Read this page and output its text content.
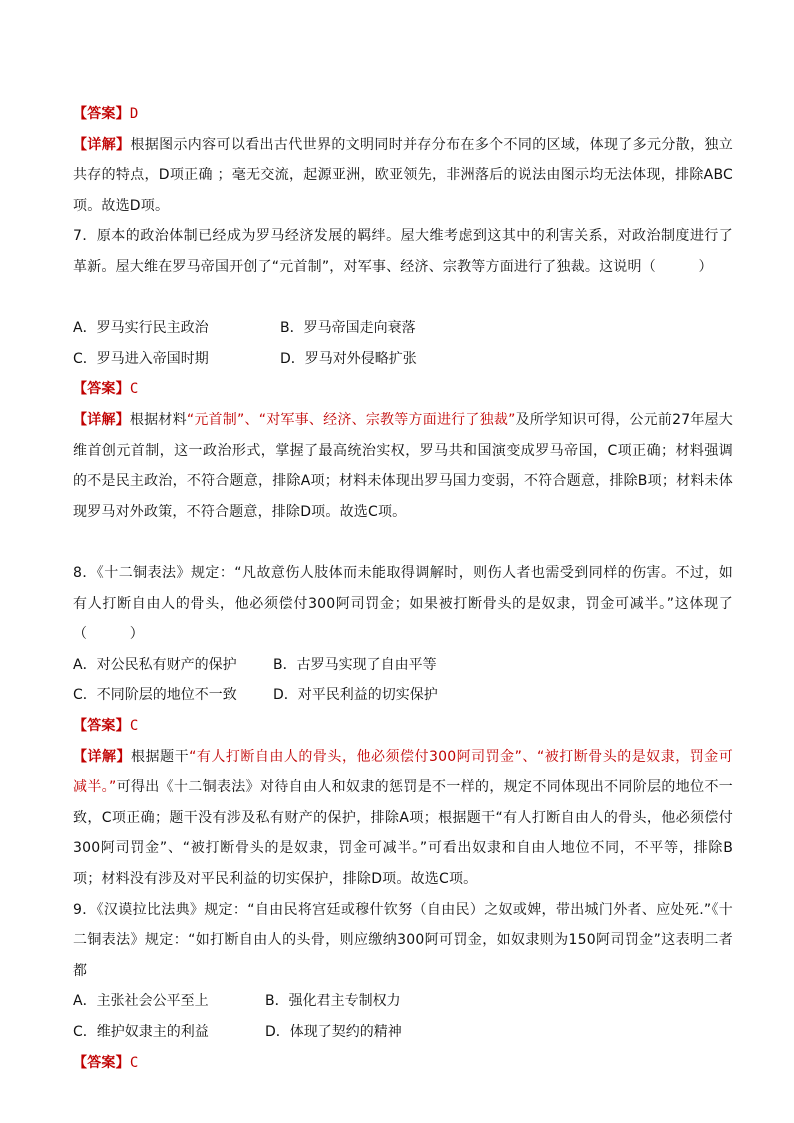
【答案】D
【详解】根据图示内容可以看出古代世界的文明同时并存分布在多个不同的区域，体现了多元分散，独立共存的特点，D项正确 ；毫无交流，起源亚洲，欧亚领先，非洲落后的说法由图示均无法体现，排除ABC项。故选D项。
7．原本的政治体制已经成为罗马经济发展的羁绊。屋大维考虑到这其中的利害关系，对政治制度进行了革新。屋大维在罗马帝国开创了“元首制”，对军事、经济、宗教等方面进行了独裁。这说明（　　　）
A．罗马实行民主政治	B．罗马帝国走向衰落
C．罗马进入帝国时期	D．罗马对外侵略扩张
【答案】C
【详解】根据材料“元首制”、“对军事、经济、宗教等方面进行了独裁”及所学知识可得，公元前27年屋大维首创元首制，这一政治形式，掌握了最高统治实权，罗马共和国演变成罗马帝国，C项正确；材料强调的不是民主政治，不符合题意，排除A项；材料未体现出罗马国力变弱，不符合题意，排除B项；材料未体现罗马对外政策，不符合题意，排除D项。故选C项。
8．《十二铜表法》规定：“凡故意伤人肢体而未能取得调解时，则伤人者也需受到同样的伤害。不过，如有人打断自由人的骨头，他必须偿付300阿司罚金；如果被打断骨头的是奴隶，罚金可减半。”这体现了（　　　）
A．对公民私有财产的保护	B．古罗马实现了自由平等
C．不同阶层的地位不一致	D．对平民利益的切实保护
【答案】C
【详解】根据题干“有人打断自由人的骨头，他必须偿付300阿司罚金”、“被打断骨头的是奴隶，罚金可减半。”可得出《十二铜表法》对待自由人和奴隶的惩罚是不一样的，规定不同体现出不同阶层的地位不一致，C项正确；题干没有涉及私有财产的保护，排除A项；根据题干“有人打断自由人的骨头，他必须偿付300阿司罚金”、“被打断骨头的是奴隶，罚金可减半。”可看出奴隶和自由人地位不同，不平等，排除B项；材料没有涉及对平民利益的切实保护，排除D项。故选C项。
9．《汉谟拉比法典》规定：“自由民将宫廷或穆什钦努（自由民）之奴或婢，带出城门外者、应处死.”《十二铜表法》规定：“如打断自由人的头骨，则应缴纳300阿可罚金，如奴隶则为150阿司罚金”这表明二者都
A．主张社会公平至上	B．强化君主专制权力
C．维护奴隶主的利益	D．体现了契约的精神
【答案】C
